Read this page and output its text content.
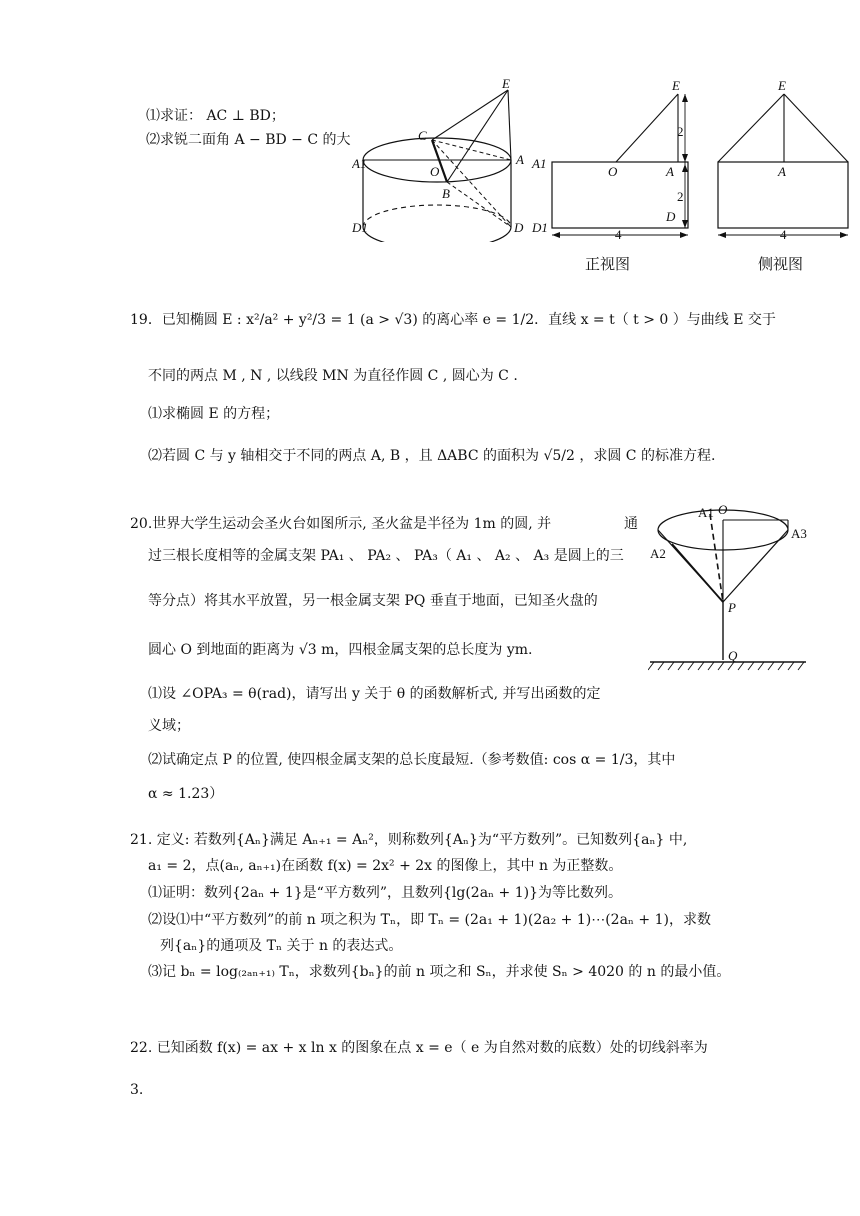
⑴求证： AC ⊥ BD；
⑵求锐二面角 A − BD − C 的大
E
C
A1
O
A
B
D1	D
E
A1
O	A
D
D1
2
2
4
正视图
E
A
4
侧视图
19．已知椭圆 E : x²/a² + y²/3 = 1 (a > √3) 的离心率 e = 1/2．直线 x = t（ t > 0 ）与曲线 E 交于
不同的两点 M , N , 以线段 MN 为直径作圆 C , 圆心为 C .
⑴求椭圆 E 的方程；
⑵若圆 C 与 y 轴相交于不同的两点 A, B ，且 ΔABC 的面积为 √5/2 ，求圆 C 的标准方程.
20.世界大学生运动会圣火台如图所示, 圣火盆是半径为 1m 的圆, 并	通
过三根长度相等的金属支架 PA₁ 、 PA₂ 、 PA₃（ A₁ 、 A₂ 、 A₃ 是圆上的三
等分点）将其水平放置，另一根金属支架 PQ 垂直于地面，已知圣火盘的
圆心 O 到地面的距离为 √3 m，四根金属支架的总长度为 ym.
⑴设 ∠OPA₃ = θ(rad)，请写出 y 关于 θ 的函数解析式, 并写出函数的定
义域；
⑵试确定点 P 的位置, 使四根金属支架的总长度最短.（参考数值: cos α = 1/3，其中
α ≈ 1.23）
A1 O
A3
A2
P
Q
21. 定义: 若数列{Aₙ}满足 Aₙ₊₁ = Aₙ²，则称数列{Aₙ}为“平方数列”。已知数列{aₙ} 中,
a₁ = 2，点(aₙ, aₙ₊₁)在函数 f(x) = 2x² + 2x 的图像上，其中 n 为正整数。
⑴证明：数列{2aₙ + 1}是“平方数列”，且数列{lg(2aₙ + 1)}为等比数列。
⑵设⑴中“平方数列”的前 n 项之积为 Tₙ，即 Tₙ = (2a₁ + 1)(2a₂ + 1)⋯(2aₙ + 1)，求数
列{aₙ}的通项及 Tₙ 关于 n 的表达式。
⑶记 bₙ = log₍₂ₐₙ₊₁₎ Tₙ，求数列{bₙ}的前 n 项之和 Sₙ，并求使 Sₙ > 4020 的 n 的最小值。
22. 已知函数 f(x) = ax + x ln x 的图象在点 x = e（ e 为自然对数的底数）处的切线斜率为
3.
